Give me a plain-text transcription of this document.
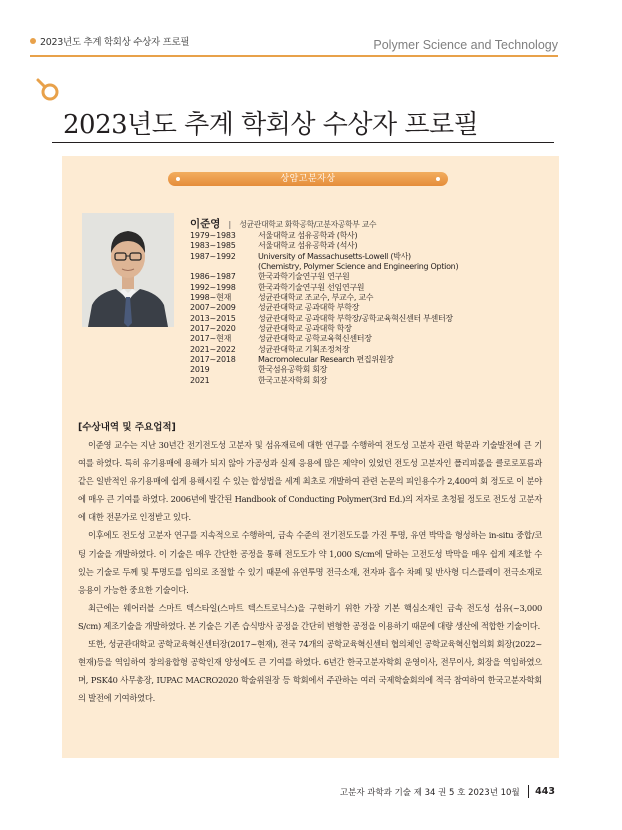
2023년도 추계 학회상 수상자 프로필	Polymer Science and Technology
2023년도 추계 학회상 수상자 프로필
상암고분자상
이준영 | 성균관대학교 화학공학/고분자공학부 교수
1979~1983	서울대학교 섬유공학과 (학사)
1983~1985	서울대학교 섬유공학과 (석사)
1987~1992	University of Massachusetts-Lowell (박사)
(Chemistry, Polymer Science and Engineering Option)
1986~1987	한국과학기술연구원 연구원
1992~1998	한국과학기술연구원 선임연구원
1998~현재	성균관대학교 조교수, 부교수, 교수
2007~2009	성균관대학교 공과대학 부학장
2013~2015	성균관대학교 공과대학 부학장/공학교육혁신센터 부센터장
2017~2020	성균관대학교 공과대학 학장
2017~현재	성균관대학교 공학교육혁신센터장
2021~2022	성균관대학교 기획조정처장
2017~2018	Macromolecular Research 편집위원장
2019	한국섬유공학회 회장
2021	한국고분자학회 회장
[수상내역 및 주요업적]

이준영 교수는 지난 30년간 전기전도성 고분자 및 섬유재료에 대한 연구를 수행하여 전도성 고분자 관련 학문과 기술발전에 큰 기여를 하였다. 특히 유기용매에 용해가 되지 않아 가공성과 실제 응용에 많은 제약이 있었던 전도성 고분자인 폴리피롤을 클로로포름과 같은 일반적인 유기용매에 쉽게 용해시킬 수 있는 합성법을 세계 최초로 개발하여 관련 논문의 피인용수가 2,400여 회 정도로 이 분야에 매우 큰 기여를 하였다. 2006년에 발간된 Handbook of Conducting Polymer(3rd Ed.)의 저자로 초청될 정도로 전도성 고분자에 대한 전문가로 인정받고 있다.

이후에도 전도성 고분자 연구를 지속적으로 수행하여, 금속 수준의 전기전도도를 가진 투명, 유연 박막을 형성하는 in-situ 중합/코팅 기술을 개발하였다. 이 기술은 매우 간단한 공정을 통해 전도도가 약 1,000 S/cm에 달하는 고전도성 박막을 매우 쉽게 제조할 수 있는 기술로 두께 및 투명도를 임의로 조절할 수 있기 때문에 유연투명 전극소재, 전자파 흡수 차폐 및 반사형 디스플레이 전극소재로 응용이 가능한 중요한 기술이다.

최근에는 웨어러블 스마트 텍스타일(스마트 텍스트로닉스)을 구현하기 위한 가장 기본 핵심소재인 금속 전도성 섬유(~3,000 S/cm) 제조기술을 개발하였다. 본 기술은 기존 습식방사 공정을 간단히 변형한 공정을 이용하기 때문에 대량 생산에 적합한 기술이다.

또한, 성균관대학교 공학교육혁신센터장(2017~현재), 전국 74개의 공학교육혁신센터 협의체인 공학교육혁신협의회 회장(2022~현재)등을 역임하여 창의융합형 공학인재 양성에도 큰 기여를 하였다. 6년간 한국고분자학회 운영이사, 전무이사, 회장을 역임하였으며, PSK40 사무총장, IUPAC MACRO2020 학술위원장 등 학회에서 주관하는 여러 국제학술회의에 적극 참여하여 한국고분자학회의 발전에 기여하였다.

고분자 과학과 기술 제 34 권 5 호 2023년 10월 443
